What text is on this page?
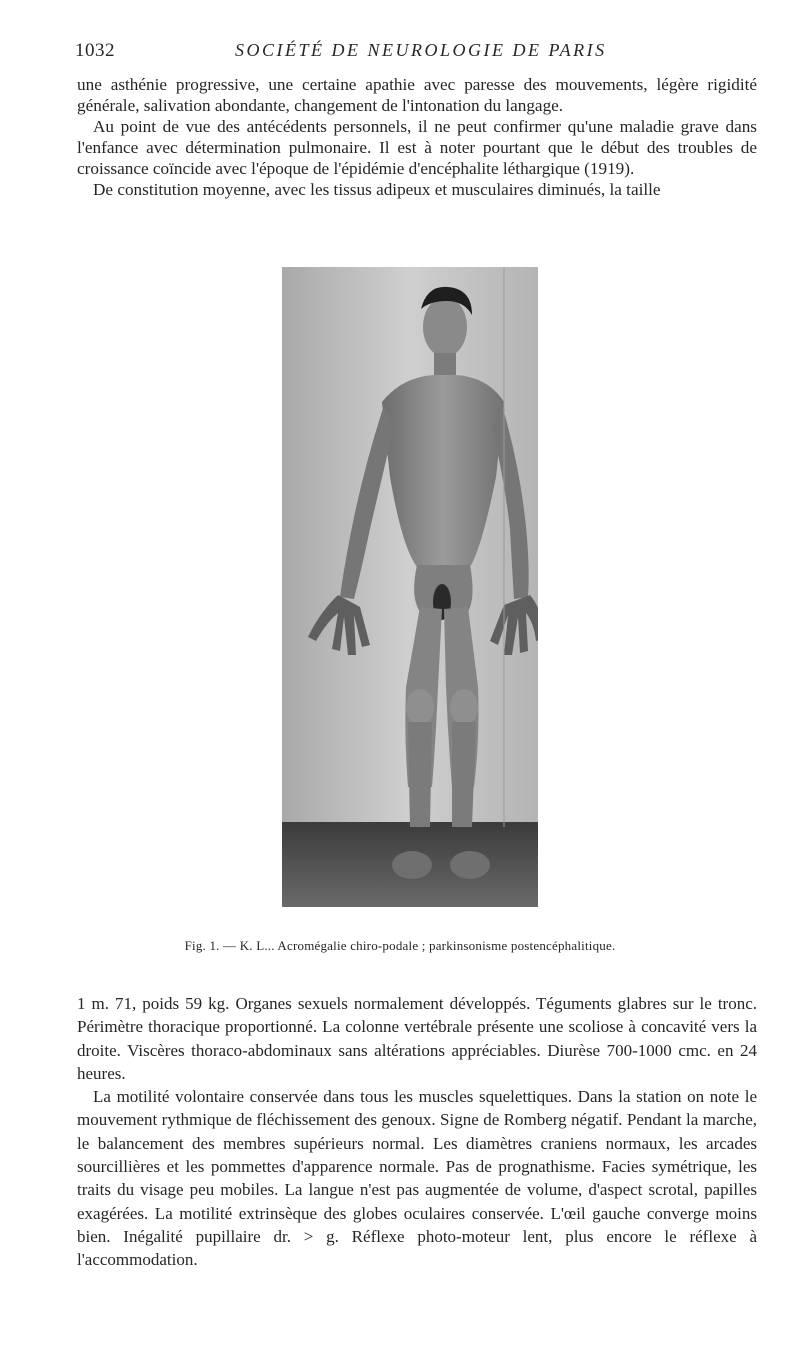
1032	SOCIÉTÉ DE NEUROLOGIE DE PARIS

une asthénie progressive, une certaine apathie avec paresse des mouvements, légère rigidité générale, salivation abondante, changement de l'intonation du langage.

Au point de vue des antécédents personnels, il ne peut confirmer qu'une maladie grave dans l'enfance avec détermination pulmonaire. Il est à noter pourtant que le début des troubles de croissance coïncide avec l'époque de l'épidémie d'encéphalite léthargique (1919).

De constitution moyenne, avec les tissus adipeux et musculaires diminués, la taille

Fig. 1. — K. L... Acromégalie chiro-podale ; parkinsonisme postencéphalitique.

1 m. 71, poids 59 kg. Organes sexuels normalement développés. Téguments glabres sur le tronc. Périmètre thoracique proportionné. La colonne vertébrale présente une scoliose à concavité vers la droite. Viscères thoraco-abdominaux sans altérations appréciables. Diurèse 700-1000 cmc. en 24 heures.

La motilité volontaire conservée dans tous les muscles squelettiques. Dans la station on note le mouvement rythmique de fléchissement des genoux. Signe de Romberg négatif. Pendant la marche, le balancement des membres supérieurs normal. Les diamètres craniens normaux, les arcades sourcillières et les pommettes d'apparence normale. Pas de prognathisme. Facies symétrique, les traits du visage peu mobiles. La langue n'est pas augmentée de volume, d'aspect scrotal, papilles exagérées. La motilité extrinsèque des globes oculaires conservée. L'œil gauche converge moins bien. Inégalité pupillaire dr. > g. Réflexe photo-moteur lent, plus encore le réflexe à l'accommodation.
